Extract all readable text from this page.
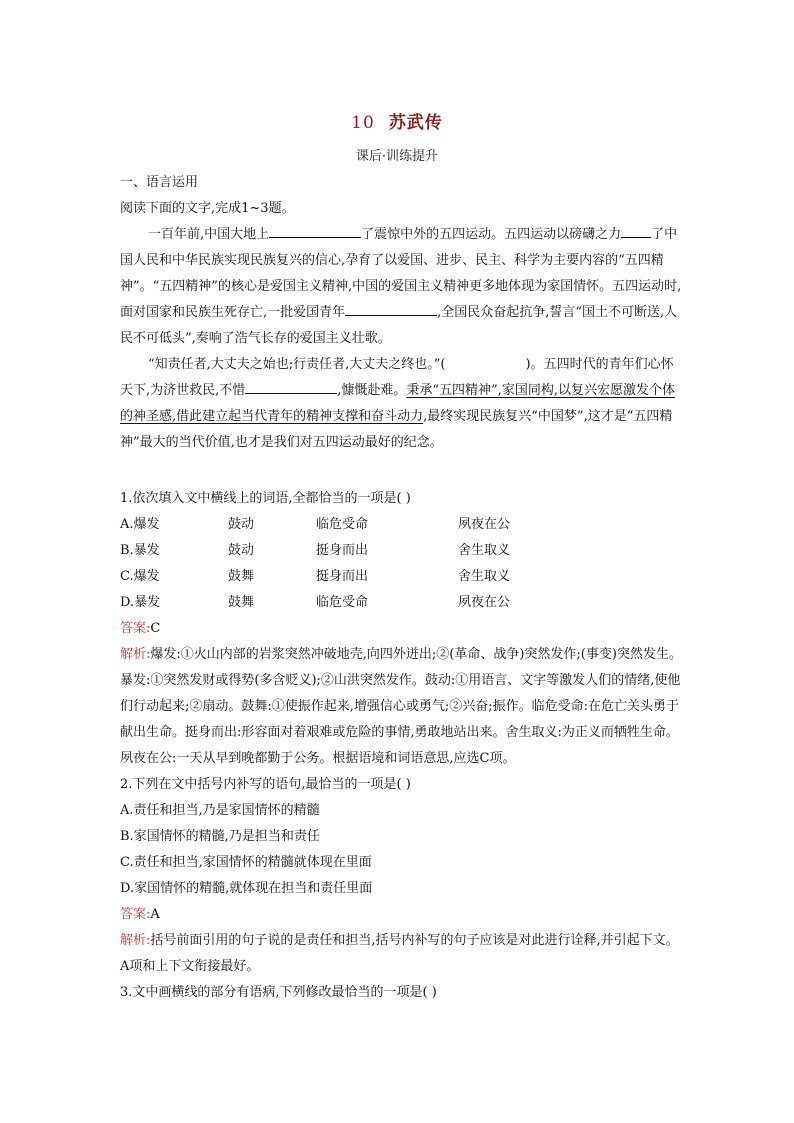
10 苏武传
课后·训练提升
一、语言运用
阅读下面的文字,完成1~3题。
一百年前,中国大地上	了震惊中外的五四运动。五四运动以磅礴之力 了中国人民和中华民族实现民族复兴的信心,孕育了以爱国、进步、民主、科学为主要内容的“五四精神”。“五四精神”的核心是爱国主义精神,中国的爱国主义精神更多地体现为家国情怀。五四运动时,面对国家和民族生死存亡,一批爱国青年	,全国民众奋起抗争,誓言“国土不可断送,人民不可低头”,奏响了浩气长存的爱国主义壮歌。
“知责任者,大丈夫之始也;行责任者,大丈夫之终也。”(	)。五四时代的青年们心怀天下,为济世救民,不惜	,慷慨赴难。秉承“五四精神”,家国同构,以复兴宏愿激发个体的神圣感,借此建立起当代青年的精神支撑和奋斗动力,最终实现民族复兴“中国梦”,这才是“五四精神”最大的当代价值,也才是我们对五四运动最好的纪念。
1.依次填入文中横线上的词语,全都恰当的一项是( )
A.爆发	鼓动	临危受命	夙夜在公
B.暴发	鼓动	挺身而出	舍生取义
C.爆发	鼓舞	挺身而出	舍生取义
D.暴发	鼓舞	临危受命	夙夜在公
答案:C
解析:爆发:①火山内部的岩浆突然冲破地壳,向四外迸出;②(革命、战争)突然发作;(事变)突然发生。暴发:①突然发财或得势(多含贬义);②山洪突然发作。鼓动:①用语言、文字等激发人们的情绪,使他们行动起来;②扇动。鼓舞:①使振作起来,增强信心或勇气;②兴奋;振作。临危受命:在危亡关头勇于献出生命。挺身而出:形容面对着艰难或危险的事情,勇敢地站出来。舍生取义:为正义而牺牲生命。夙夜在公:一天从早到晚都勤于公务。根据语境和词语意思,应选C项。
2.下列在文中括号内补写的语句,最恰当的一项是( )
A.责任和担当,乃是家国情怀的精髓
B.家国情怀的精髓,乃是担当和责任
C.责任和担当,家国情怀的精髓就体现在里面
D.家国情怀的精髓,就体现在担当和责任里面
答案:A
解析:括号前面引用的句子说的是责任和担当,括号内补写的句子应该是对此进行诠释,并引起下文。A项和上下文衔接最好。
3.文中画横线的部分有语病,下列修改最恰当的一项是( )
